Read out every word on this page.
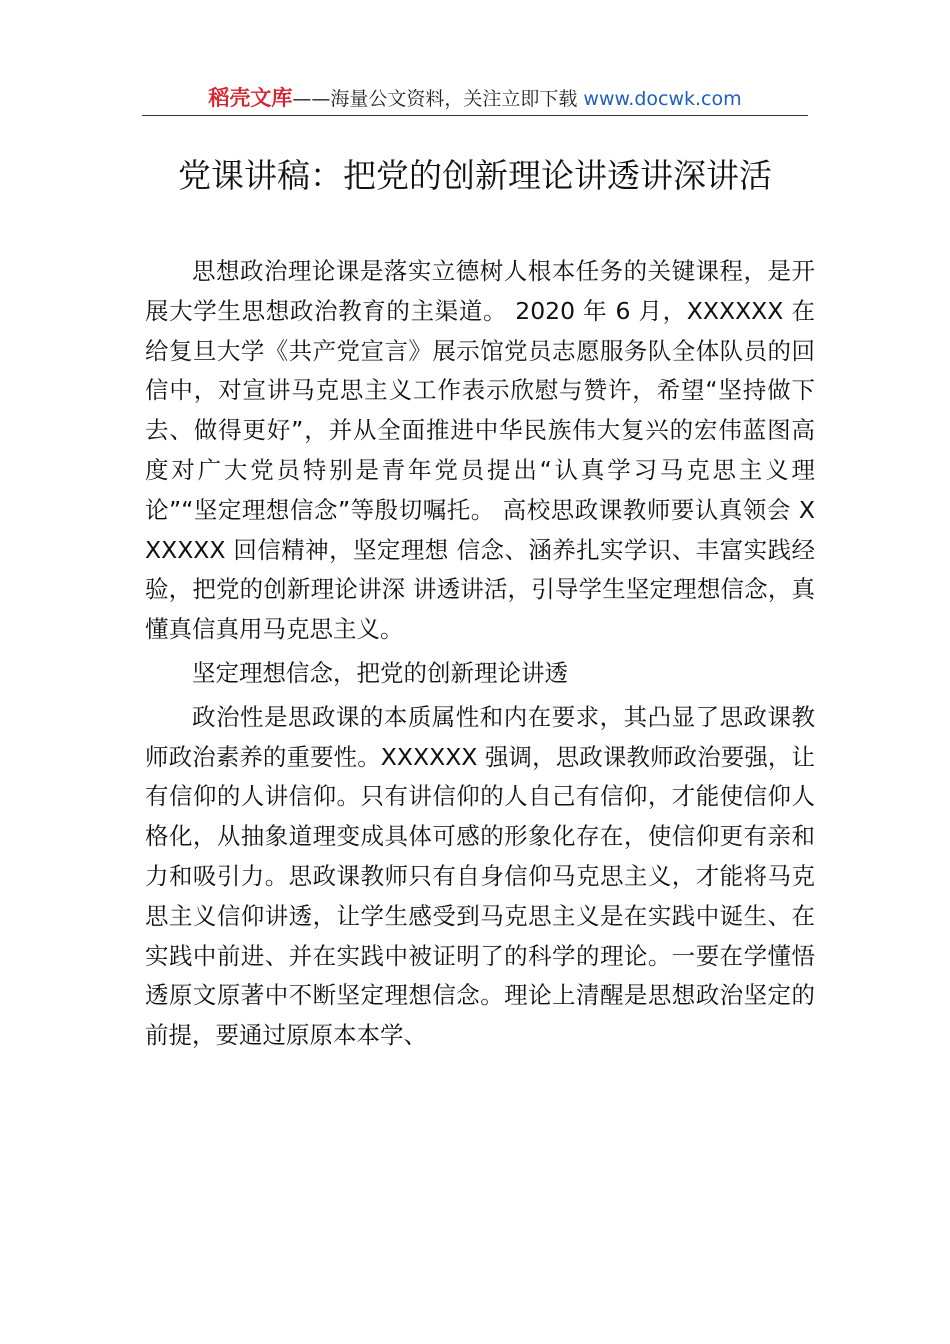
稻壳文库——海量公文资料，关注立即下载 www.docwk.com
党课讲稿：把党的创新理论讲透讲深讲活

思想政治理论课是落实立德树人根本任务的关键课程，是开展大学生思想政治教育的主渠道。 2020 年 6 月，XXXXXX 在给复旦大学《共产党宣言》展示馆党员志愿服务队全体队员的回信中，对宣讲马克思主义工作表示欣慰与赞许，希望“坚持做下去、做得更好”，并从全面推进中华民族伟大复兴的宏伟蓝图高度对广大党员特别是青年党员提出“认真学习马克思主义理论”“坚定理想信念”等殷切嘱托。 高校思政课教师要认真领会 XXXXXX 回信精神，坚定理想 信念、涵养扎实学识、丰富实践经验，把党的创新理论讲深 讲透讲活，引导学生坚定理想信念，真懂真信真用马克思主义。

坚定理想信念，把党的创新理论讲透

政治性是思政课的本质属性和内在要求，其凸显了思政课教师政治素养的重要性。XXXXXX 强调，思政课教师政治要强，让有信仰的人讲信仰。只有讲信仰的人自己有信仰，才能使信仰人格化，从抽象道理变成具体可感的形象化存在，使信仰更有亲和力和吸引力。思政课教师只有自身信仰马克思主义，才能将马克思主义信仰讲透，让学生感受到马克思主义是在实践中诞生、在实践中前进、并在实践中被证明了的科学的理论。一要在学懂悟透原文原著中不断坚定理想信念。理论上清醒是思想政治坚定的前提，要通过原原本本学、
